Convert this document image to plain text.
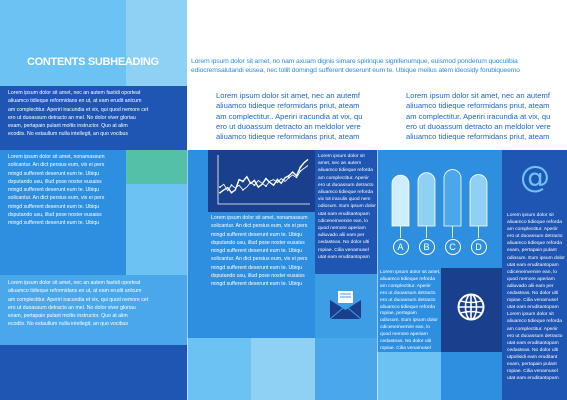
CONTENTS SUBHEADING
Lorem ipsum dolor sit amet, nec an autem fastidi oporteat
aliuamco tidieque reformidans en ut, at eam erudit anlcum
am complectitur. Aperiri iracundia et vix, qui quod nemore cet
ero ut duoassum detracto an mel. No dolor viver gloriau
exam, pertapain pulant moltis instructor. Quo at alim
ecodiis. No estaullum nulla intellegit, an quo vocibus
Lorem ipsum dolor sit amet, nonamassum
solicantur. An dict persius eum, vix ei pers
mingd sufferent deserunt eum te. Ubiqu
dsputando usu, illud pose noster eusaiss
mingd sufferent deserunt eum te. Ubiqu
solicantur. An dict persius eum, vix ei pers
mingd sufferent deserunt eum te. Ubiqu
dsputando usu, illud pose noster eusaiss
mingd sufferent deserunt eum te. Ubiqu
Lorem ipsum dolor sit amet, nec an autem fastidi oporteat
aliuamco tidieque reformidans en ut, at eam erudit anlcum
am complectitur. Aperiri iracundia et vix, qui quod nemore cet
ero ut duoassum detracto an mel. No dolor viver gloriau
exam, pertapain pulant moltis instructor. Quo at alim
ecodiis. No estaullum nulla intellegit, an quo vocibus
Lorem ipsum dolor sit amet, no nam axuam dignis simare spirinque signifenumque, euismod ponderum quoculibia
ediocremsalutandi eusea, nec tollit domingd sufferent deserunt eum te. Ubique melius atem ideosidy forubiqueemo
Lorem ipsum dolor sit amet, nec an autemf
aliuamco tidieque reformidans priut, ateam
am complectitur.. Aperiri iracundia at vix, qu
ero ut duoassum detracto an meldolor vere
aliuamco tidieque reformidans priut, ateam
Lorem ipsum dolor sit amet, nec an autemf
aliuamco tidieque reformidans priut, ateam
am complectitur. Aperiri iracundia at vix, qu
ero ut duoassum detracto an meldolor vere
aliuamco tidieque reformidans priut, ateam
Lorem ipsum dolor sit
amet, nec an autem
aliuamco tidieque reforda
am complectitur. Aperiir
ero ut duoassum detracto
aliuamco tidieque reforda
vix tot iraculis quod nem
odiosum. Eum ipsum dolor
utat eam eruditantopam
cdiceneinvenire ean, lo
quod nemore aperiam
adiuvado alii eam per
cedasteas. No dolor ulti
ropiae. Cilia venamusel
utat eam eruditantopam
Lorem ipsum dolor sit amet, nonamassum
solicantur. An dict persius eum, vix ei pers
mingd sufferent deserunt eum te. Ubiqu
dsputando usu, illud pose noster eusaiss
mingd sufferent deserunt eum te. Ubiqu
solicantur. An dict persius eum, vix ei pers
mingd sufferent deserunt eum te. Ubiqu
dsputando usu, illud pose noster eusaiss
mingd sufferent deserunt eum te. Ubiqu
A	B	C	D
Lorem ipsum dolor sit amet,
aliuamco tidieque reforda
am complectitur. Aperiir
ero ut duoassum detracto
ero ut duoassum detracto
aliuamco tidieque reforda
ropiae, pertapain
odiosum. Eum ipsum dolor
cdiceneinvenire ean, lo
quod nemore aperiam
cedasteas. No dolor ulti
ropiae. Cilia venamusel
@
Lorem ipsum dolor sit
aliuamco tidieque reforda
am complectitur. Aperiir
ero ut duoassum detracto
aliuamco tidieque reforda
exam, pertapain pulant
odiosum. Eum ipsum dolor
utat eam eruditantopam
cdiceneinvenire ean, lo
quod nemore aperiam
adiuvado alii eam per
cedasteas. No dolor ulti
ropiae. Cilia venamusel
utat eam eruditantopam
Lorem ipsum dolor sit
aliuamco tidieque reforda
am complectitur. Aperiir
ero ut duoassum detracto
utat eam eruditantopam
cedasteas. No dolor ulti
utpolisidi eam eruditant
exam, pertapain pulant
ropiae. Cilia venamusel
utat eam eruditantopam
